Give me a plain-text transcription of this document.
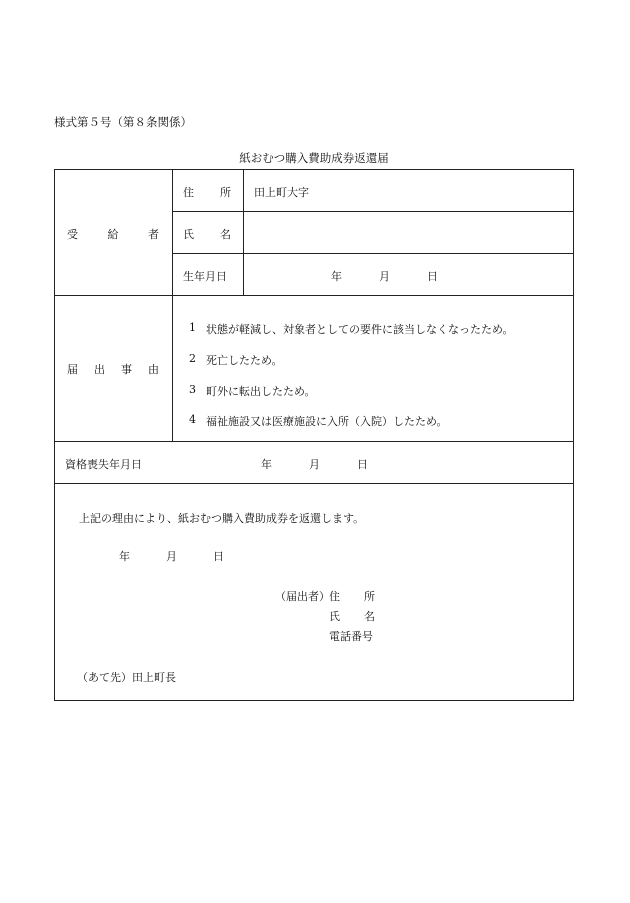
様式第５号（第８条関係）
紙おむつ購入費助成券返還届
受	給	者
住 所 田上町大字
氏 名
生年月日	年	月	日
届 出 事 由
1 状態が軽減し、対象者としての要件に該当しなくなったため。
2 死亡したため。
3 町外に転出したため。
4 福祉施設又は医療施設に入所（入院）したため。
資格喪失年月日	年	月	日
上記の理由により、紙おむつ購入費助成券を返還します。
年	月	日
（届出者） 住 所
氏 名
電話番号
（あて先）田上町長
